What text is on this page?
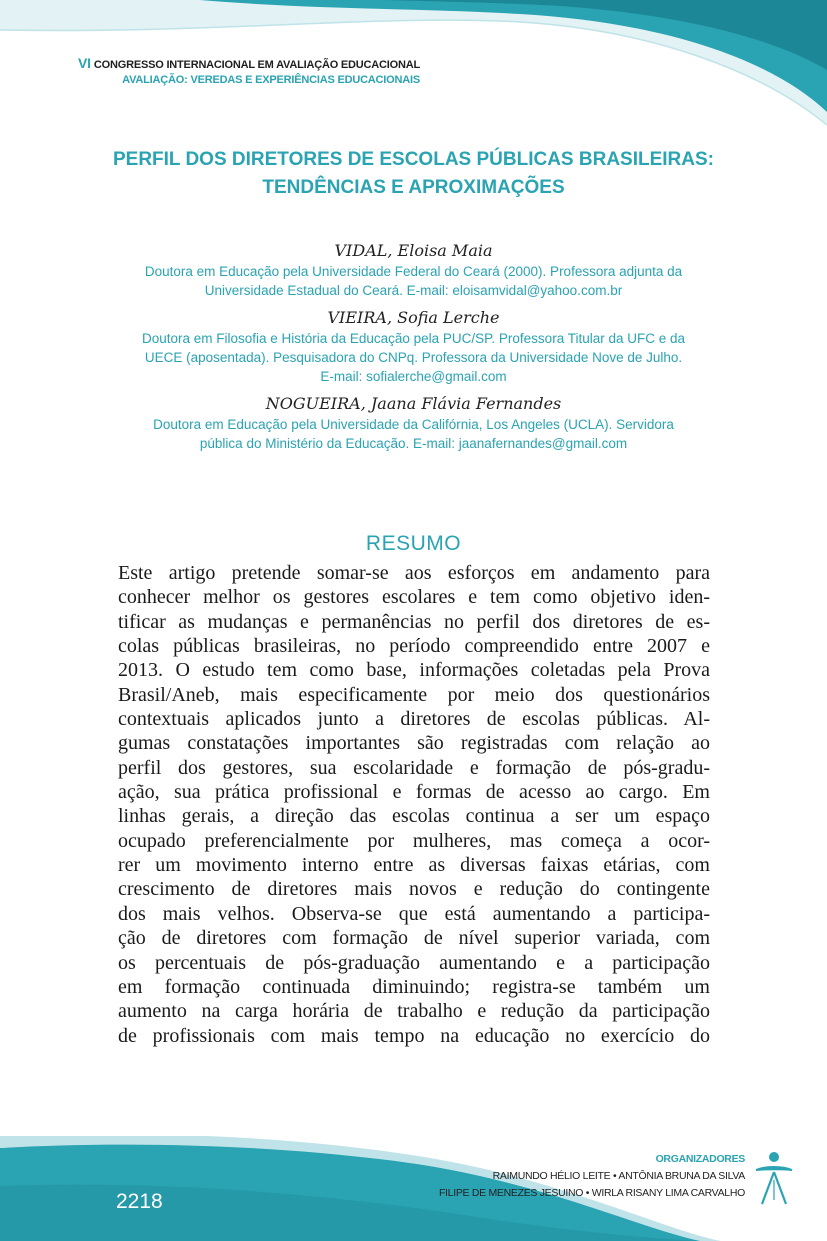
VI CONGRESSO INTERNACIONAL EM AVALIAÇÃO EDUCACIONAL
AVALIAÇÃO: VEREDAS E EXPERIÊNCIAS EDUCACIONAIS
PERFIL DOS DIRETORES DE ESCOLAS PÚBLICAS BRASILEIRAS:
TENDÊNCIAS E APROXIMAÇÕES
VIDAL, Eloisa Maia
Doutora em Educação pela Universidade Federal do Ceará (2000). Professora adjunta da
Universidade Estadual do Ceará. E-mail: eloisamvidal@yahoo.com.br
VIEIRA, Sofia Lerche
Doutora em Filosofia e História da Educação pela PUC/SP. Professora Titular da UFC e da
UECE (aposentada). Pesquisadora do CNPq. Professora da Universidade Nove de Julho.
E-mail: sofialerche@gmail.com
NOGUEIRA, Jaana Flávia Fernandes
Doutora em Educação pela Universidade da Califórnia, Los Angeles (UCLA). Servidora
pública do Ministério da Educação. E-mail: jaanafernandes@gmail.com
RESUMO
Este artigo pretende somar-se aos esforços em andamento para
conhecer melhor os gestores escolares e tem como objetivo iden-
tificar as mudanças e permanências no perfil dos diretores de es-
colas públicas brasileiras, no período compreendido entre 2007 e
2013. O estudo tem como base, informações coletadas pela Prova
Brasil/Aneb, mais especificamente por meio dos questionários
contextuais aplicados junto a diretores de escolas públicas. Al-
gumas constatações importantes são registradas com relação ao
perfil dos gestores, sua escolaridade e formação de pós-gradu-
ação, sua prática profissional e formas de acesso ao cargo. Em
linhas gerais, a direção das escolas continua a ser um espaço
ocupado preferencialmente por mulheres, mas começa a ocor-
rer um movimento interno entre as diversas faixas etárias, com
crescimento de diretores mais novos e redução do contingente
dos mais velhos. Observa-se que está aumentando a participa-
ção de diretores com formação de nível superior variada, com
os percentuais de pós-graduação aumentando e a participação
em formação continuada diminuindo; registra-se também um
aumento na carga horária de trabalho e redução da participação
de profissionais com mais tempo na educação no exercício do
2218
ORGANIZADORES
RAIMUNDO HÉLIO LEITE • ANTÔNIA BRUNA DA SILVA
FILIPE DE MENEZES JESUINO • WIRLA RISANY LIMA CARVALHO
